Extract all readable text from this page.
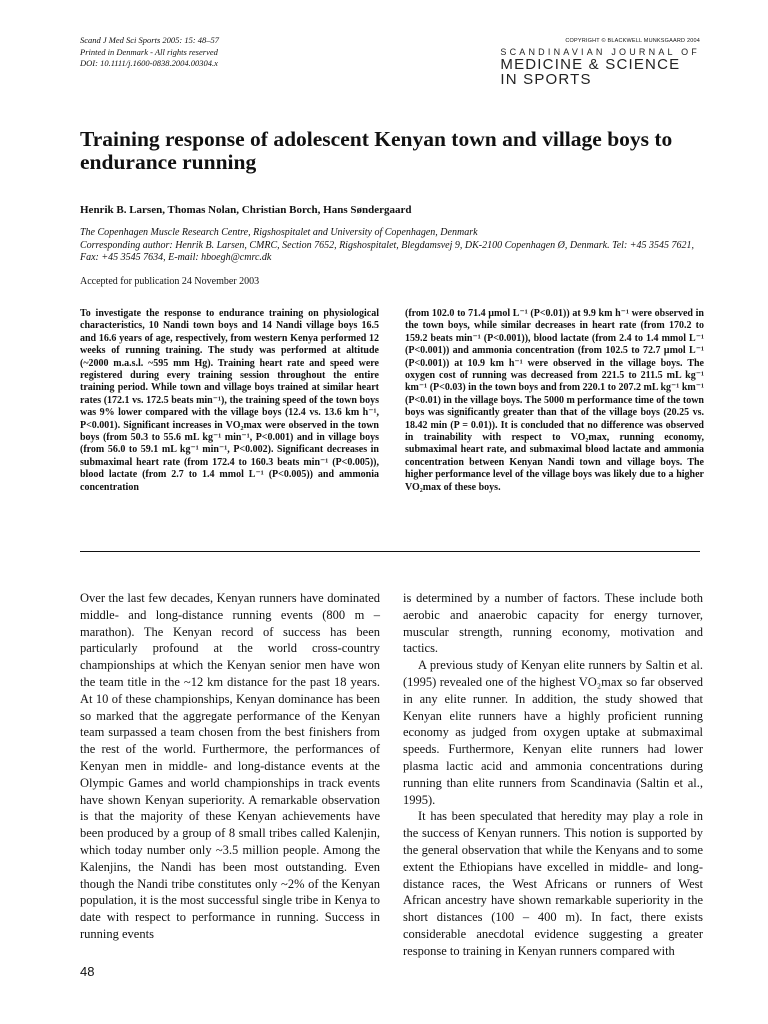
Scand J Med Sci Sports 2005: 15: 48–57
Printed in Denmark - All rights reserved
DOI: 10.1111/j.1600-0838.2004.00304.x
COPYRIGHT © BLACKWELL MUNKSGAARD 2004
SCANDINAVIAN JOURNAL OF
MEDICINE & SCIENCE
IN SPORTS
Training response of adolescent Kenyan town and village boys to endurance running
Henrik B. Larsen, Thomas Nolan, Christian Borch, Hans Søndergaard
The Copenhagen Muscle Research Centre, Rigshospitalet and University of Copenhagen, Denmark
Corresponding author: Henrik B. Larsen, CMRC, Section 7652, Rigshospitalet, Blegdamsvej 9, DK-2100 Copenhagen Ø, Denmark. Tel: +45 3545 7621, Fax: +45 3545 7634, E-mail: hboegh@cmrc.dk
Accepted for publication 24 November 2003

To investigate the response to endurance training on physiological characteristics, 10 Nandi town boys and 14 Nandi village boys 16.5 and 16.6 years of age, respectively, from western Kenya performed 12 weeks of running training. The study was performed at altitude (~2000 m.a.s.l. ~595 mm Hg). Training heart rate and speed were registered during every training session throughout the entire training period. While town and village boys trained at similar heart rates (172.1 vs. 172.5 beats min⁻¹), the training speed of the town boys was 9% lower compared with the village boys (12.4 vs. 13.6 km h⁻¹, P<0.001). Significant increases in VO₂max were observed in the town boys (from 50.3 to 55.6 mL kg⁻¹ min⁻¹, P<0.001) and in village boys (from 56.0 to 59.1 mL kg⁻¹ min⁻¹, P<0.002). Significant decreases in submaximal heart rate (from 172.4 to 160.3 beats min⁻¹ (P<0.005)), blood lactate (from 2.7 to 1.4 mmol L⁻¹ (P<0.005)) and ammonia concentration

(from 102.0 to 71.4 µmol L⁻¹ (P<0.01)) at 9.9 km h⁻¹ were observed in the town boys, while similar decreases in heart rate (from 170.2 to 159.2 beats min⁻¹ (P<0.001)), blood lactate (from 2.4 to 1.4 mmol L⁻¹ (P<0.001)) and ammonia concentration (from 102.5 to 72.7 µmol L⁻¹ (P<0.001)) at 10.9 km h⁻¹ were observed in the village boys. The oxygen cost of running was decreased from 221.5 to 211.5 mL kg⁻¹ km⁻¹ (P<0.03) in the town boys and from 220.1 to 207.2 mL kg⁻¹ km⁻¹ (P<0.01) in the village boys. The 5000 m performance time of the town boys was significantly greater than that of the village boys (20.25 vs. 18.42 min (P = 0.01)). It is concluded that no difference was observed in trainability with respect to VO₂max, running economy, submaximal heart rate, and submaximal blood lactate and ammonia concentration between Kenyan Nandi town and village boys. The higher performance level of the village boys was likely due to a higher VO₂max of these boys.

Over the last few decades, Kenyan runners have dominated middle- and long-distance running events (800 m – marathon). The Kenyan record of success has been particularly profound at the world cross-country championships at which the Kenyan senior men have won the team title in the ~12 km distance for the past 18 years. At 10 of these championships, Kenyan dominance has been so marked that the aggregate performance of the Kenyan team surpassed a team chosen from the best finishers from the rest of the world. Furthermore, the performances of Kenyan men in middle- and long-distance events at the Olympic Games and world championships in track events have shown Kenyan superiority. A remarkable observation is that the majority of these Kenyan achievements have been produced by a group of 8 small tribes called Kalenjin, which today number only ~3.5 million people. Among the Kalenjins, the Nandi has been most outstanding. Even though the Nandi tribe constitutes only ~2% of the Kenyan population, it is the most successful single tribe in Kenya to date with respect to performance in running. Success in running events

is determined by a number of factors. These include both aerobic and anaerobic capacity for energy turnover, muscular strength, running economy, motivation and tactics.

A previous study of Kenyan elite runners by Saltin et al. (1995) revealed one of the highest VO₂max so far observed in any elite runner. In addition, the study showed that Kenyan elite runners have a highly proficient running economy as judged from oxygen uptake at submaximal speeds. Furthermore, Kenyan elite runners had lower plasma lactic acid and ammonia concentrations during running than elite runners from Scandinavia (Saltin et al., 1995).

It has been speculated that heredity may play a role in the success of Kenyan runners. This notion is supported by the general observation that while the Kenyans and to some extent the Ethiopians have excelled in middle- and long-distance races, the West Africans or runners of West African ancestry have shown remarkable superiority in the short distances (100 – 400 m). In fact, there exists considerable anecdotal evidence suggesting a greater response to training in Kenyan runners compared with

48
